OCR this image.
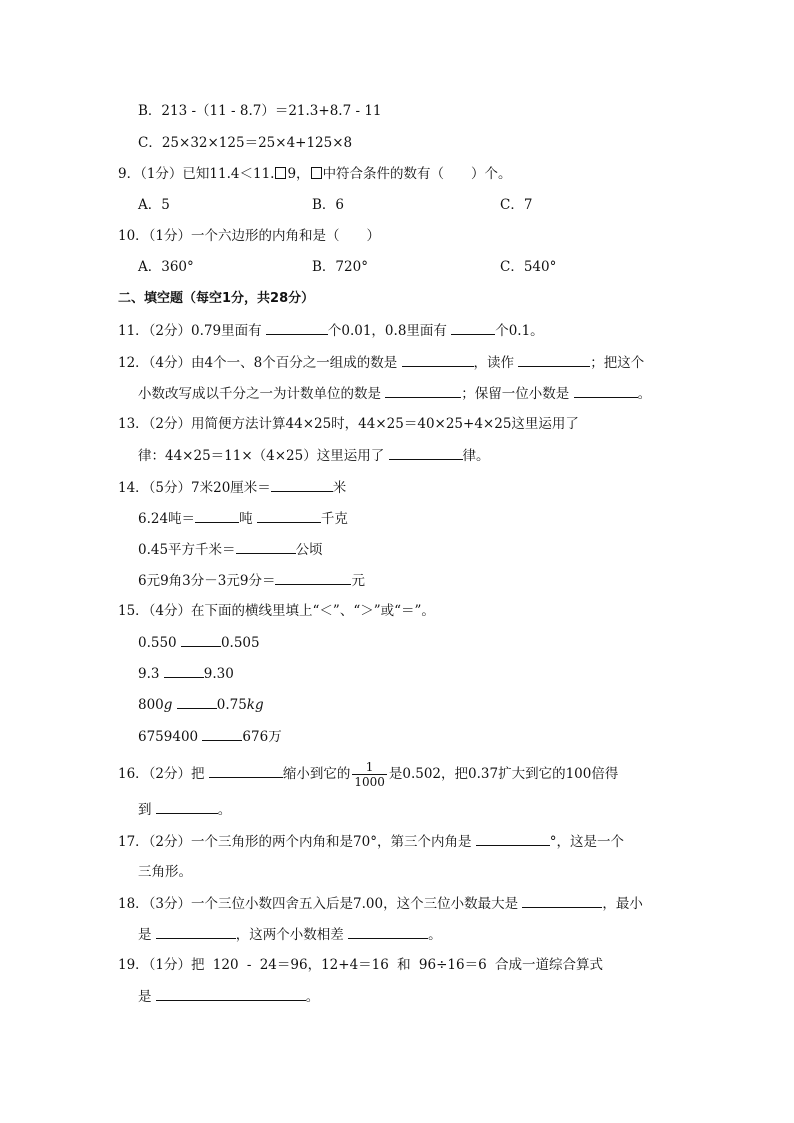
B．213 -（11 - 8.7）＝21.3+8.7 - 11
C．25×32×125＝25×4+125×8
9．（1分）已知11.4＜11. 9， 中符合条件的数有（　　）个。
A．5	B．6	C．7
10．（1分）一个六边形的内角和是（　　）
A．360°	B．720°	C．540°
二、填空题（每空1分，共28分）
11．（2分）0.79里面有	个0.01，0.8里面有	个0.1。
12．（4分）由4个一、8个百分之一组成的数是	，读作	；把这个
小数改写成以千分之一为计数单位的数是	；保留一位小数是	。
13．（2分）用简便方法计算44×25时，44×25＝40×25+4×25这里运用了
律：44×25＝11×（4×25）这里运用了	律。
14．（5分）7米20厘米＝	米
6.24吨＝	吨	千克
0.45平方千米＝	公顷
6元9角3分－3元9分＝	元
15．（4分）在下面的横线里填上“＜”、“＞”或“＝”。
0.550	0.505
9.3	9.30
800g	0.75kg
6759400	676万
16．（2分）把	缩小到它的 $\frac{1}{1000}$ 是0.502，把0.37扩大到它的100倍得
到	。
17．（2分）一个三角形的两个内角和是70°，第三个内角是	°，这是一个
三角形。
18．（3分）一个三位小数四舍五入后是7.00，这个三位小数最大是	，最小
是	，这两个小数相差	。
19．（1分）把 120 - 24＝96，12+4＝16 和 96÷16＝6 合成一道综合算式
是	。
